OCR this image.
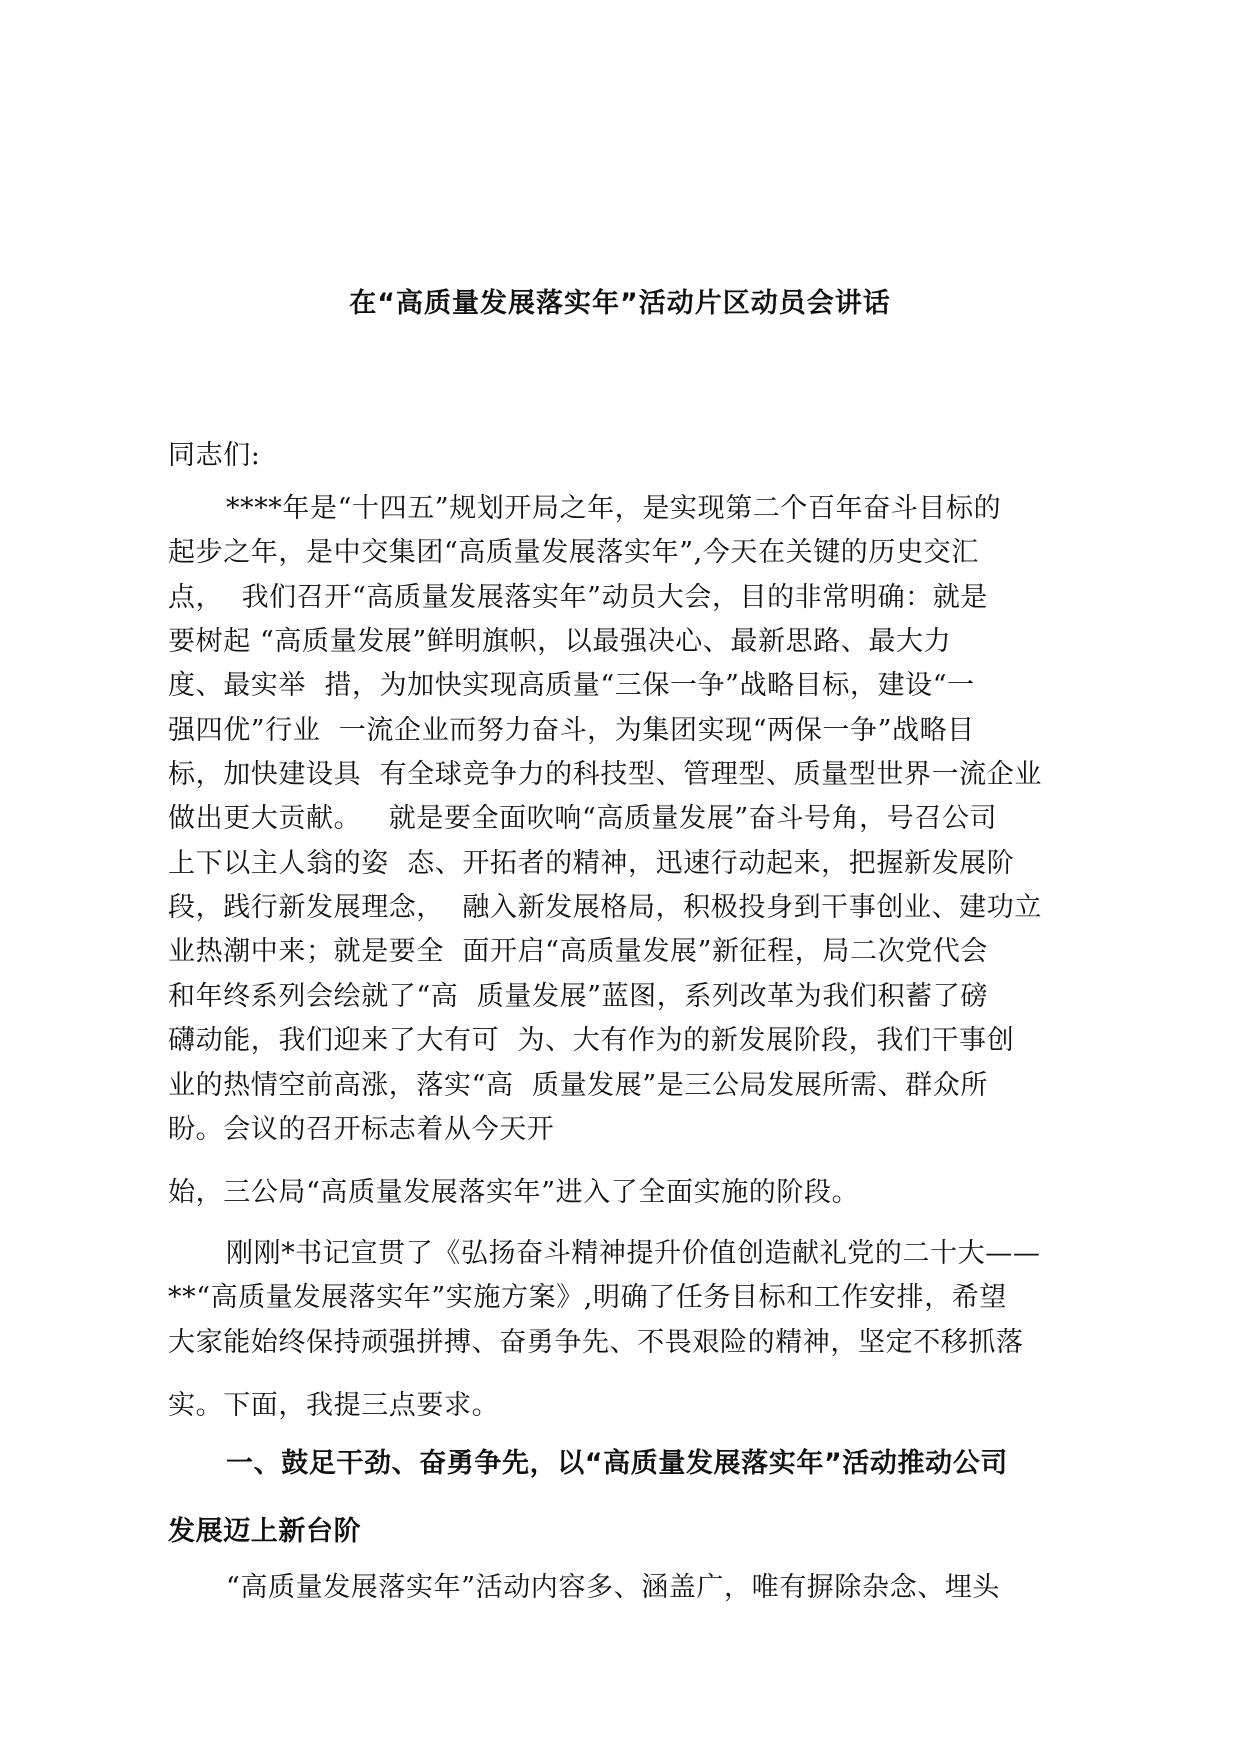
在“高质量发展落实年”活动片区动员会讲话
同志们:
****年是“十四五”规划开局之年，是实现第二个百年奋斗目标的
起步之年，是中交集团“高质量发展落实年”,今天在关键的历史交汇
点，  我们召开“高质量发展落实年”动员大会，目的非常明确：就是
要树起 “高质量发展”鲜明旗帜，以最强决心、最新思路、最大力
度、最实举  措，为加快实现高质量“三保一争”战略目标，建设“一
强四优”行业  一流企业而努力奋斗，为集团实现“两保一争”战略目
标，加快建设具  有全球竞争力的科技型、管理型、质量型世界一流企业
做出更大贡献。   就是要全面吹响“高质量发展”奋斗号角，号召公司
上下以主人翁的姿  态、开拓者的精神，迅速行动起来，把握新发展阶
段，践行新发展理念，  融入新发展格局，积极投身到干事创业、建功立
业热潮中来；就是要全  面开启“高质量发展”新征程，局二次党代会
和年终系列会绘就了“高  质量发展”蓝图，系列改革为我们积蓄了磅
礴动能，我们迎来了大有可  为、大有作为的新发展阶段，我们干事创
业的热情空前高涨，落实“高  质量发展”是三公局发展所需、群众所
盼。会议的召开标志着从今天开
始，三公局“高质量发展落实年”进入了全面实施的阶段。
刚刚*书记宣贯了《弘扬奋斗精神提升价值创造献礼党的二十大——
**“高质量发展落实年”实施方案》,明确了任务目标和工作安排，希望
大家能始终保持顽强拼搏、奋勇争先、不畏艰险的精神，坚定不移抓落
实。下面，我提三点要求。
一、鼓足干劲、奋勇争先，以“高质量发展落实年”活动推动公司
发展迈上新台阶
“高质量发展落实年”活动内容多、涵盖广，唯有摒除杂念、埋头
